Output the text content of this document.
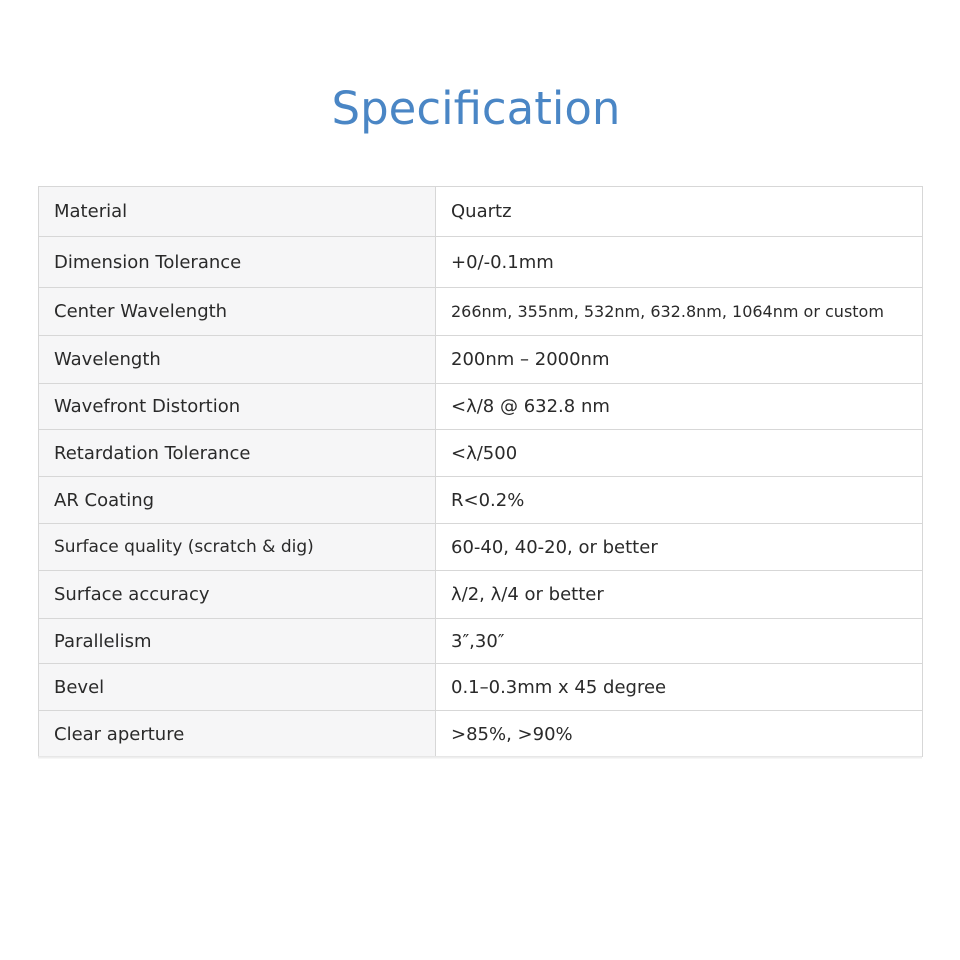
Specification
Material	Quartz
Dimension Tolerance	+0/-0.1mm
Center Wavelength	266nm, 355nm, 532nm, 632.8nm, 1064nm or custom
Wavelength	200nm – 2000nm
Wavefront Distortion	<λ/8 @ 632.8 nm
Retardation Tolerance	<λ/500
AR Coating	R<0.2%
Surface quality (scratch & dig)	60-40, 40-20, or better
Surface accuracy	λ/2, λ/4 or better
Parallelism	3″,30″
Bevel	0.1–0.3mm x 45 degree
Clear aperture	>85%, >90%
